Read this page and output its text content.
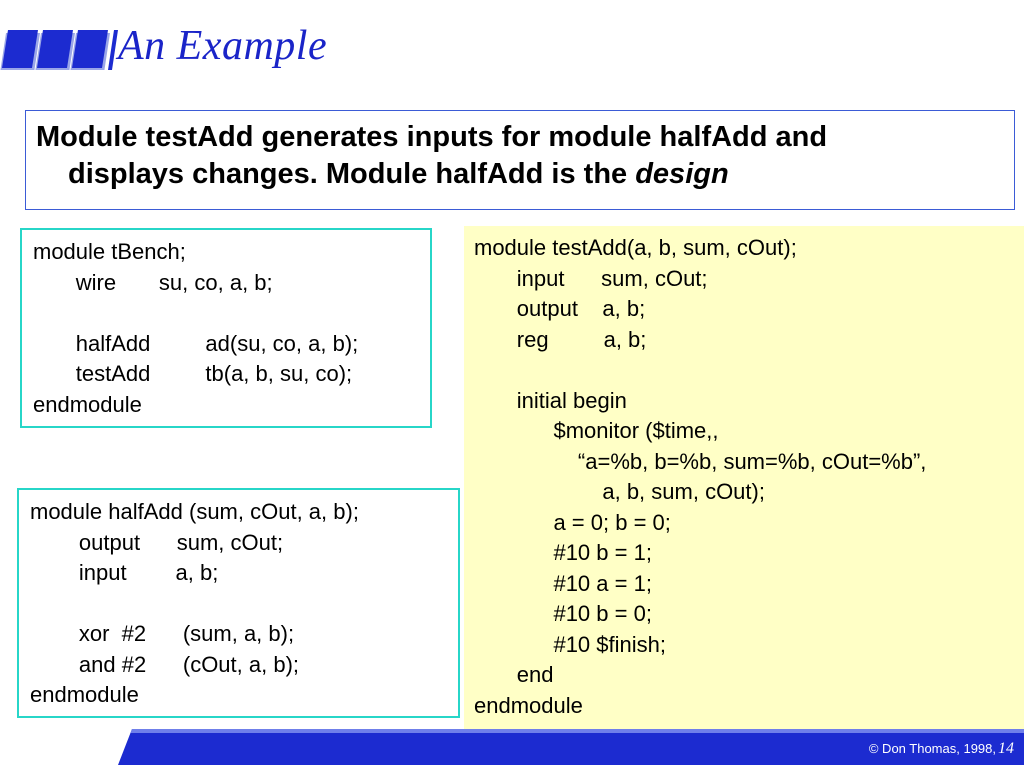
An Example
Module testAdd generates inputs for module halfAdd and
displays changes. Module halfAdd is the design
module tBench;
wire       su, co, a, b;

halfAdd         ad(su, co, a, b);
testAdd         tb(a, b, su, co);
endmodule
module halfAdd (sum, cOut, a, b);
output      sum, cOut;
input        a, b;

xor  #2      (sum, a, b);
and #2      (cOut, a, b);
endmodule
module testAdd(a, b, sum, cOut);
input      sum, cOut;
output    a, b;
reg         a, b;

initial begin
$monitor ($time,,
“a=%b, b=%b, sum=%b, cOut=%b”,
a, b, sum, cOut);
a = 0; b = 0;
#10 b = 1;
#10 a = 1;
#10 b = 0;
#10 $finish;
end
endmodule
© Don Thomas, 1998, 14
